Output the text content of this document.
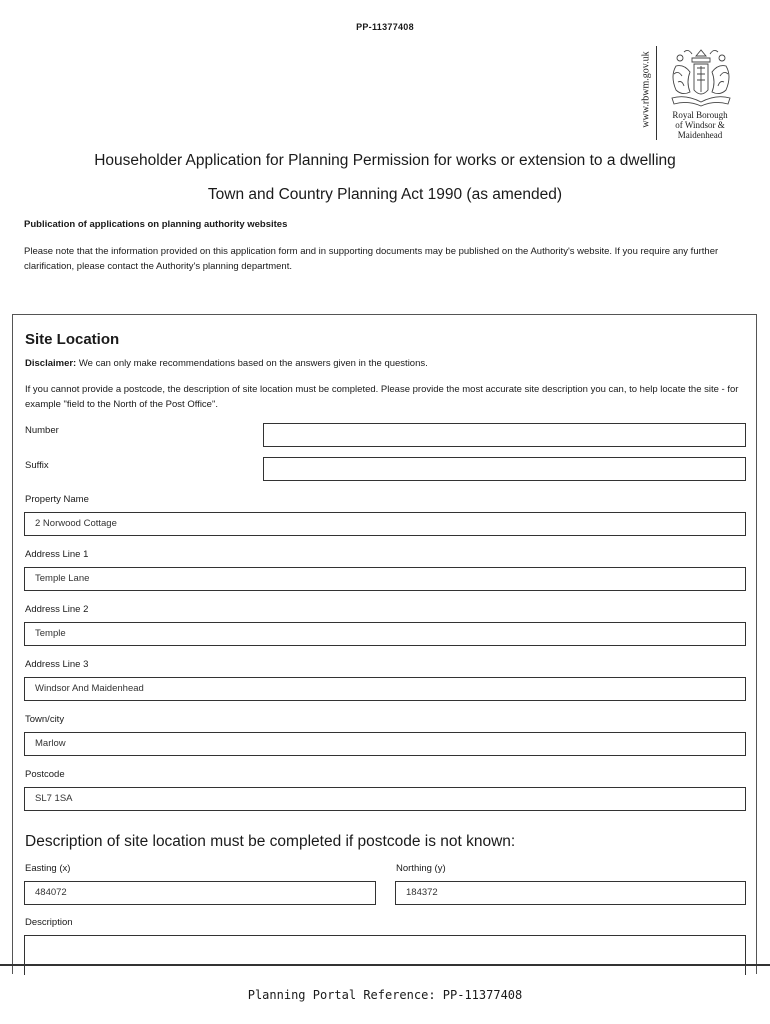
PP-11377408
www.rbwm.gov.uk	Royal Borough
of Windsor &
Maidenhead
Householder Application for Planning Permission for works or extension to a dwelling
Town and Country Planning Act 1990 (as amended)
Publication of applications on planning authority websites
Please note that the information provided on this application form and in supporting documents may be published on the Authority's website. If you require any further clarification, please contact the Authority's planning department.
Site Location
Disclaimer: We can only make recommendations based on the answers given in the questions.
If you cannot provide a postcode, the description of site location must be completed. Please provide the most accurate site description you can, to help locate the site - for example "field to the North of the Post Office".
Number
Suffix
Property Name
2 Norwood Cottage
Address Line 1
Temple Lane
Address Line 2
Temple
Address Line 3
Windsor And Maidenhead
Town/city
Marlow
Postcode
SL7 1SA
Description of site location must be completed if postcode is not known:
Easting (x)
484072
Northing (y)
184372
Description
Planning Portal Reference: PP-11377408
